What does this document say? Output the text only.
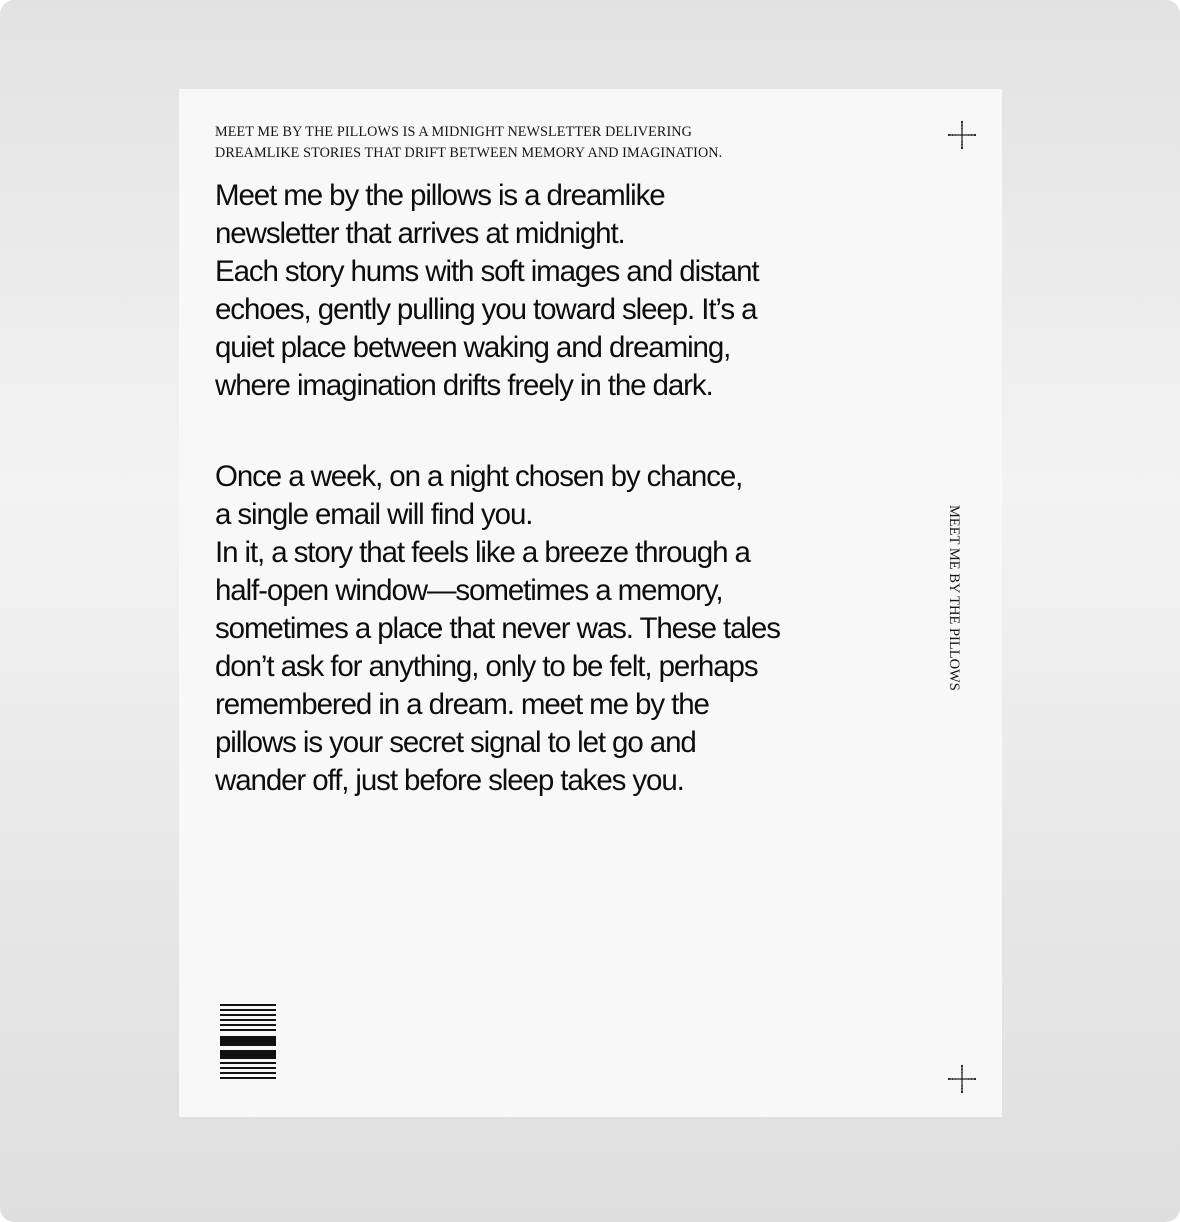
MEET ME BY THE PILLOWS IS A MIDNIGHT NEWSLETTER DELIVERING
DREAMLIKE STORIES THAT DRIFT BETWEEN MEMORY AND IMAGINATION.

Meet me by the pillows is a dreamlike
newsletter that arrives at midnight.
Each story hums with soft images and distant
echoes, gently pulling you toward sleep. It’s a
quiet place between waking and dreaming,
where imagination drifts freely in the dark.
Once a week, on a night chosen by chance,
a single email will find you.
In it, a story that feels like a breeze through a
half-open window—sometimes a memory,
sometimes a place that never was. These tales
don’t ask for anything, only to be felt, perhaps
remembered in a dream. meet me by the
pillows is your secret signal to let go and
wander off, just before sleep takes you.

MEET ME BY THE PILLOWS
